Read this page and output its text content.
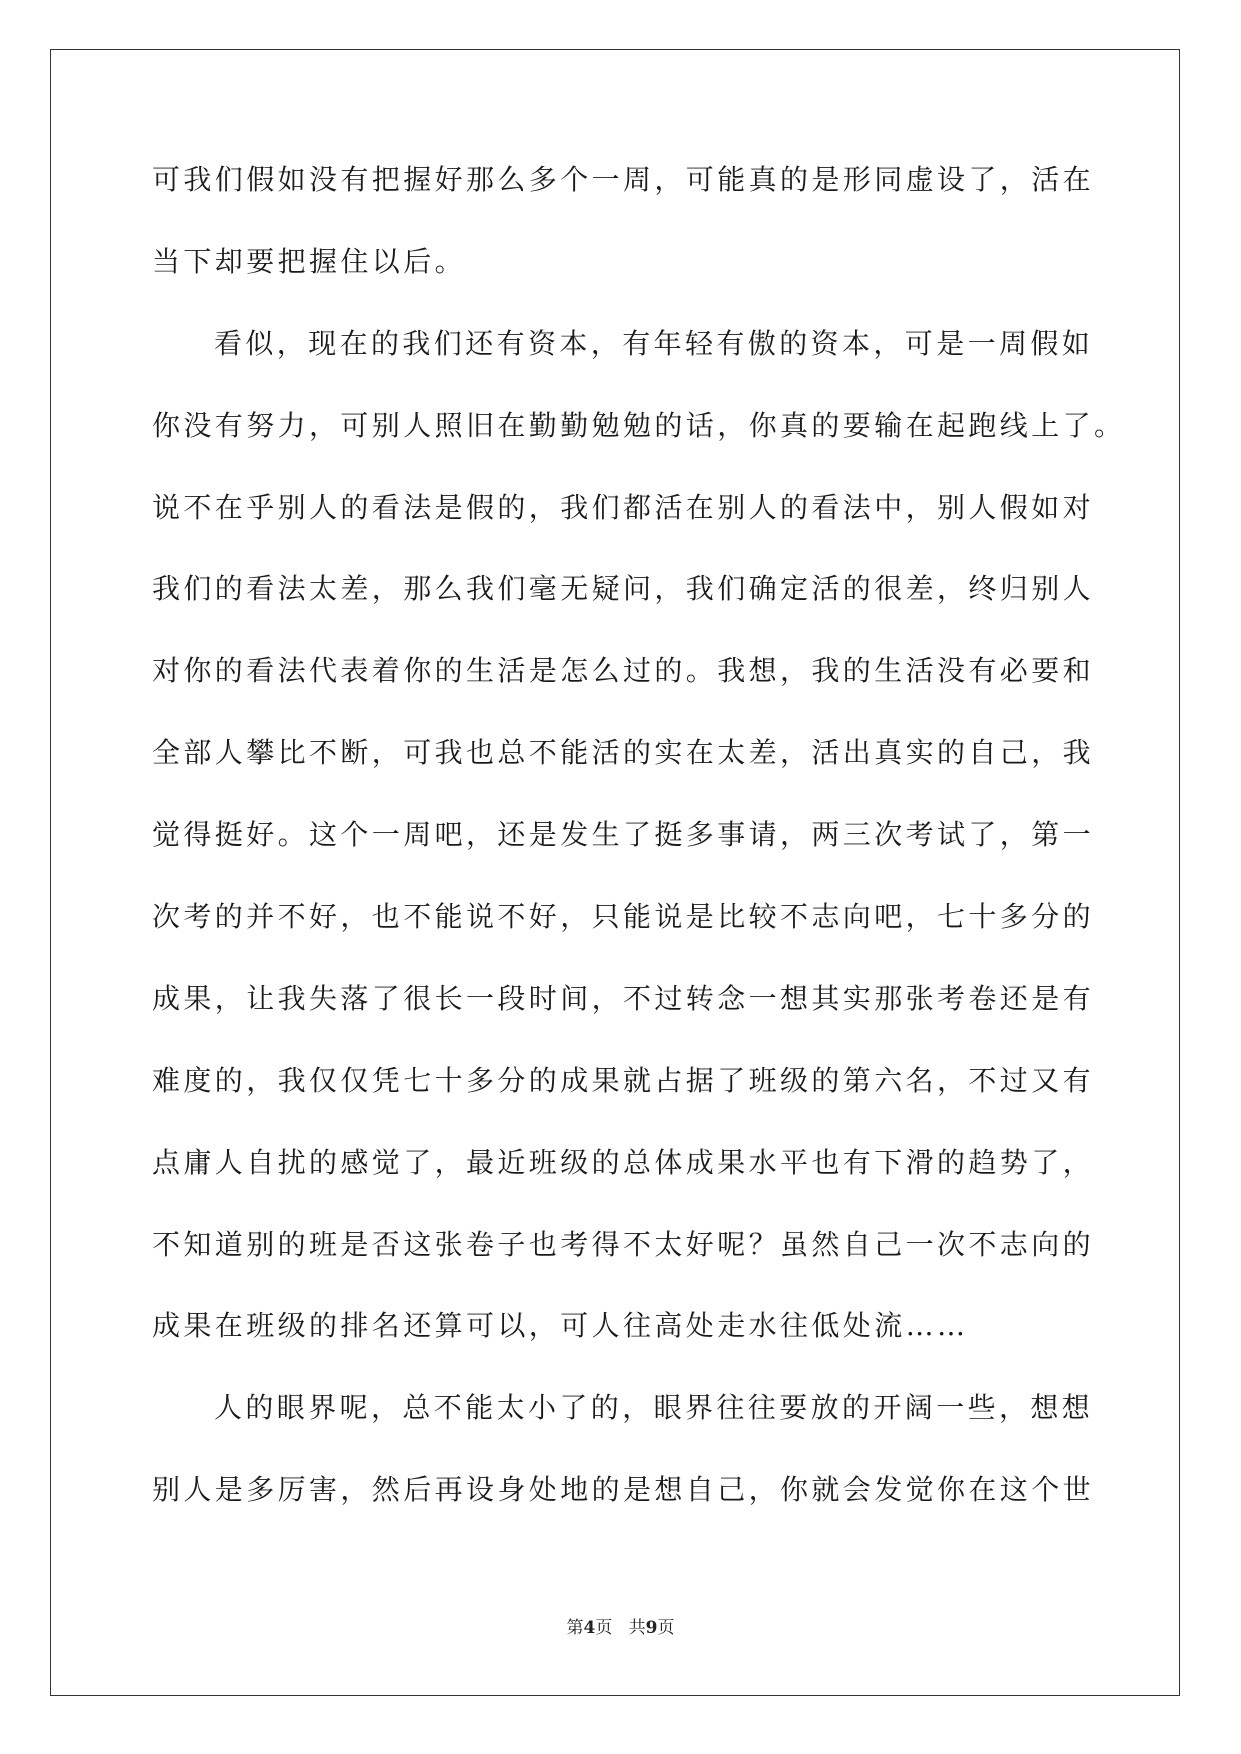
可我们假如没有把握好那么多个一周，可能真的是形同虚设了，活在
当下却要把握住以后。
看似，现在的我们还有资本，有年轻有傲的资本，可是一周假如
你没有努力，可别人照旧在勤勤勉勉的话，你真的要输在起跑线上了。
说不在乎别人的看法是假的，我们都活在别人的看法中，别人假如对
我们的看法太差，那么我们毫无疑问，我们确定活的很差，终归别人
对你的看法代表着你的生活是怎么过的。我想，我的生活没有必要和
全部人攀比不断，可我也总不能活的实在太差，活出真实的自己，我
觉得挺好。这个一周吧，还是发生了挺多事请，两三次考试了，第一
次考的并不好，也不能说不好，只能说是比较不志向吧，七十多分的
成果，让我失落了很长一段时间，不过转念一想其实那张考卷还是有
难度的，我仅仅凭七十多分的成果就占据了班级的第六名，不过又有
点庸人自扰的感觉了，最近班级的总体成果水平也有下滑的趋势了，
不知道别的班是否这张卷子也考得不太好呢？虽然自己一次不志向的
成果在班级的排名还算可以，可人往高处走水往低处流……
人的眼界呢，总不能太小了的，眼界往往要放的开阔一些，想想
别人是多厉害，然后再设身处地的是想自己，你就会发觉你在这个世
第4页   共9页
